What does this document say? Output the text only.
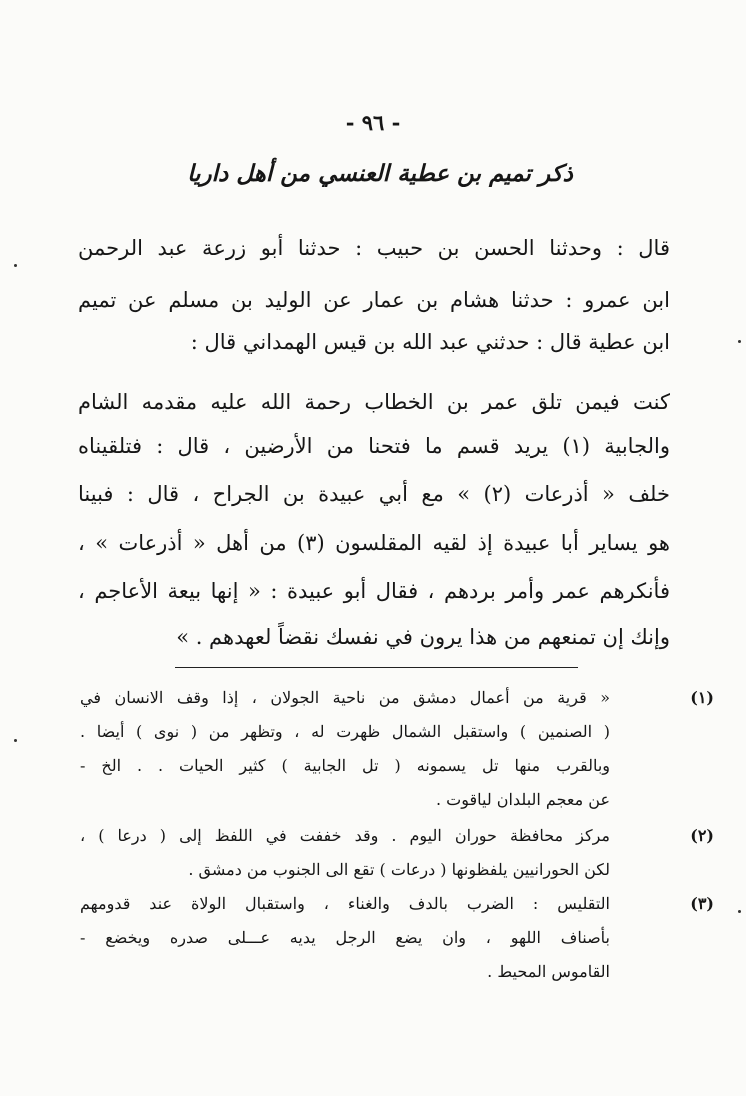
- ٩٦ -
ذكر تميم بن عطية العنسي من أهل داريا
قال : وحدثنا الحسن بن حبيب : حدثنا أبو زرعة عبد الرحمن
ابن عمرو : حدثنا هشام بن عمار عن الوليد بن مسلم عن تميم
ابن عطية قال : حدثني عبد الله بن قيس الهمداني قال :
كنت فيمن تلق عمر بن الخطاب رحمة الله عليه مقدمه الشام
والجابية (١) يريد قسم ما فتحنا من الأرضين ، قال : فتلقيناه
خلف « أذرعات (٢) » مع أبي عبيدة بن الجراح ، قال : فبينا
هو يساير أبا عبيدة إذ لقيه المقلسون (٣) من أهل « أذرعات » ،
فأنكرهم عمر وأمر بردهم ، فقال أبو عبيدة : « إنها بيعة الأعاجم ،
وإنك إن تمنعهم من هذا يرون في نفسك نقضاً لعهدهم . »
(١)
« قرية من أعمال دمشق من ناحية الجولان ، إذا وقف الانسان في
( الصنمين ) واستقبل الشمال ظهرت له ، وتظهر من ( نوى ) أيضا .
وبالقرب منها تل يسمونه ( تل الجابية ) كثير الحيات . . الخ -
عن معجم البلدان لياقوت .
(٢)
مركز محافظة حوران اليوم . وقد خففت في اللفظ إلى ( درعا ) ،
لكن الحورانيين يلفظونها ( درعات ) تقع الى الجنوب من دمشق .
(٣)
التقليس : الضرب بالدف والغناء ، واستقبال الولاة عند قدومهم
بأصناف اللهو ، وان يضع الرجل يديه عـــلى صدره ويخضع -
القاموس المحيط .
